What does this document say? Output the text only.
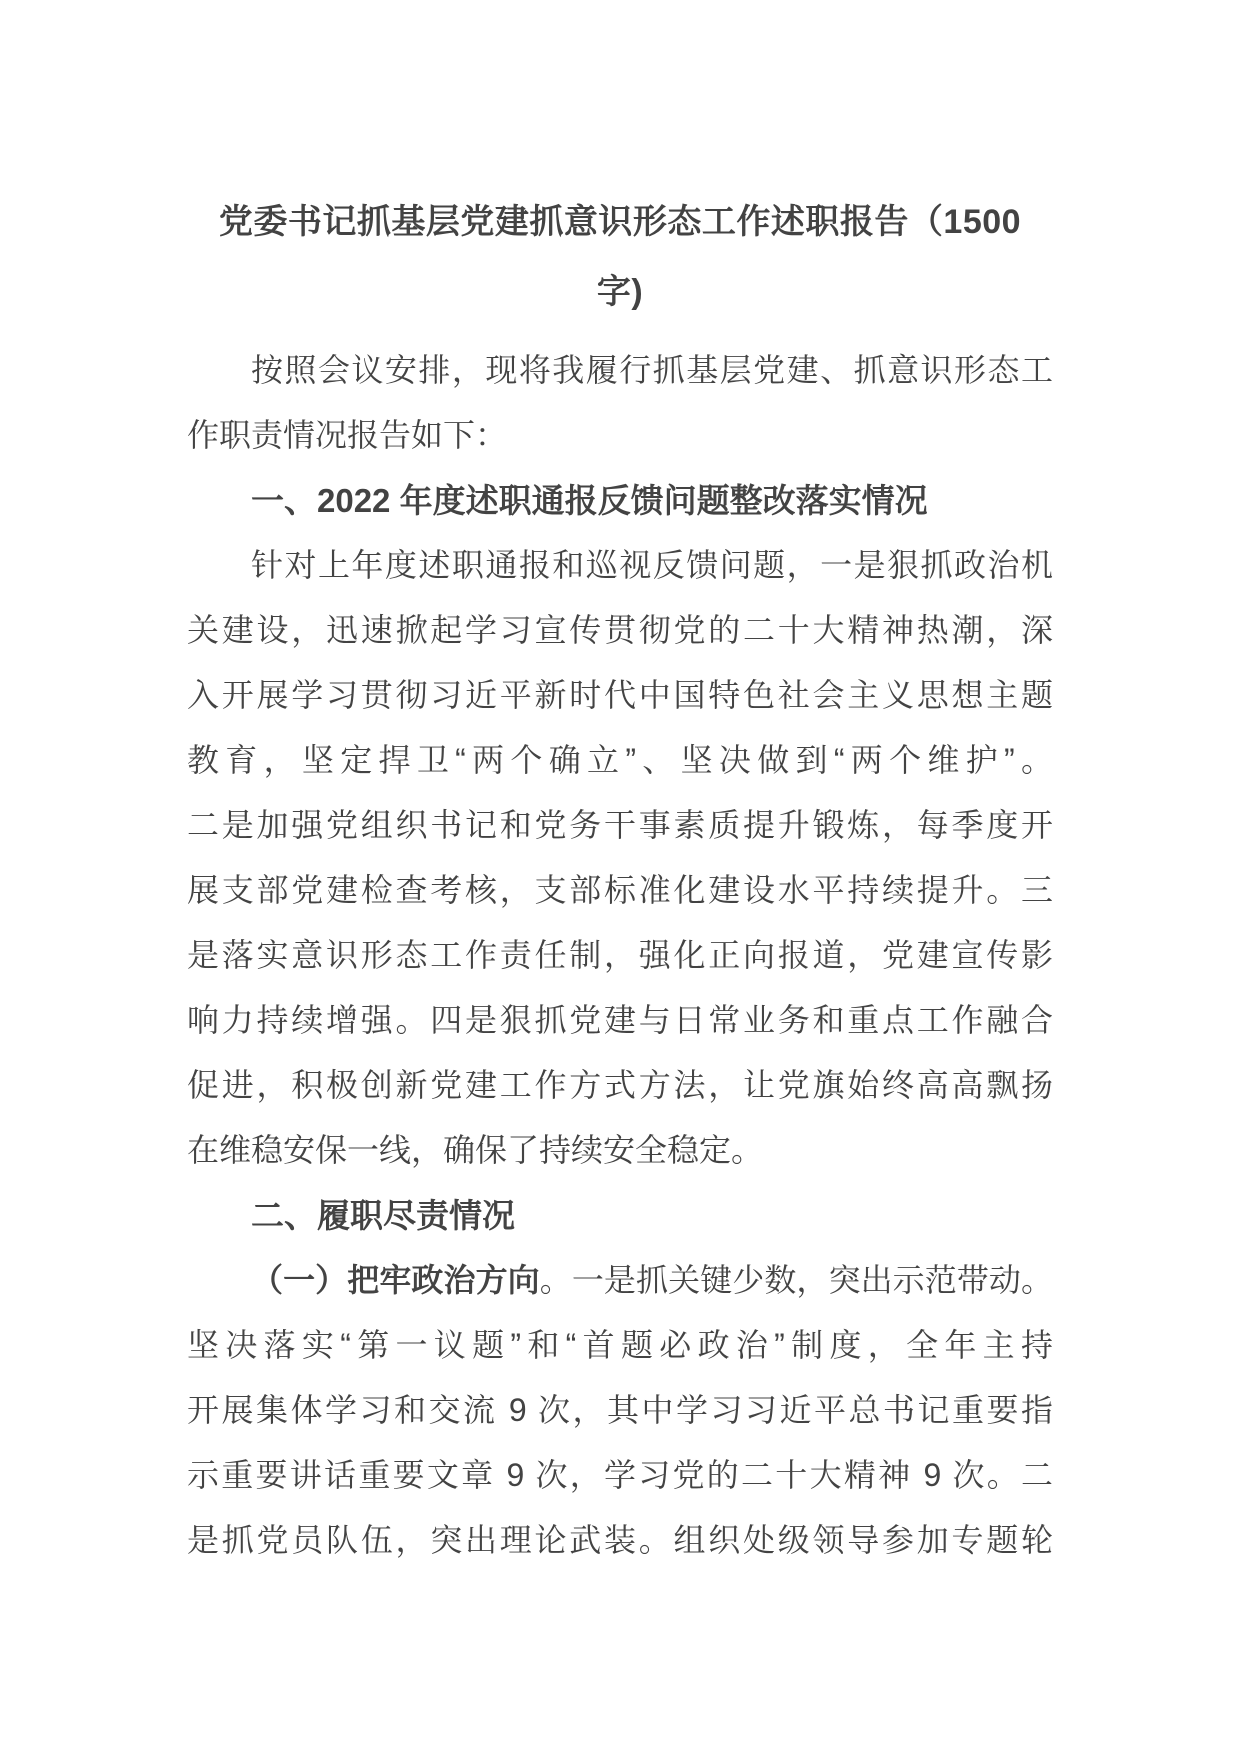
党委书记抓基层党建抓意识形态工作述职报告（1500
字)
按照会议安排，现将我履行抓基层党建、抓意识形态工
作职责情况报告如下：
一、2022 年度述职通报反馈问题整改落实情况
针对上年度述职通报和巡视反馈问题，一是狠抓政治机
关建设，迅速掀起学习宣传贯彻党的二十大精神热潮，深
入开展学习贯彻习近平新时代中国特色社会主义思想主题
教育，坚定捍卫“两个确立”、坚决做到“两个维护”。
二是加强党组织书记和党务干事素质提升锻炼，每季度开
展支部党建检查考核，支部标准化建设水平持续提升。三
是落实意识形态工作责任制，强化正向报道，党建宣传影
响力持续增强。四是狠抓党建与日常业务和重点工作融合
促进，积极创新党建工作方式方法，让党旗始终高高飘扬
在维稳安保一线，确保了持续安全稳定。
二、履职尽责情况
（一）把牢政治方向。一是抓关键少数，突出示范带动。
坚决落实“第一议题”和“首题必政治”制度，全年主持
开展集体学习和交流 9 次，其中学习习近平总书记重要指
示重要讲话重要文章 9 次，学习党的二十大精神 9 次。二
是抓党员队伍，突出理论武装。组织处级领导参加专题轮
